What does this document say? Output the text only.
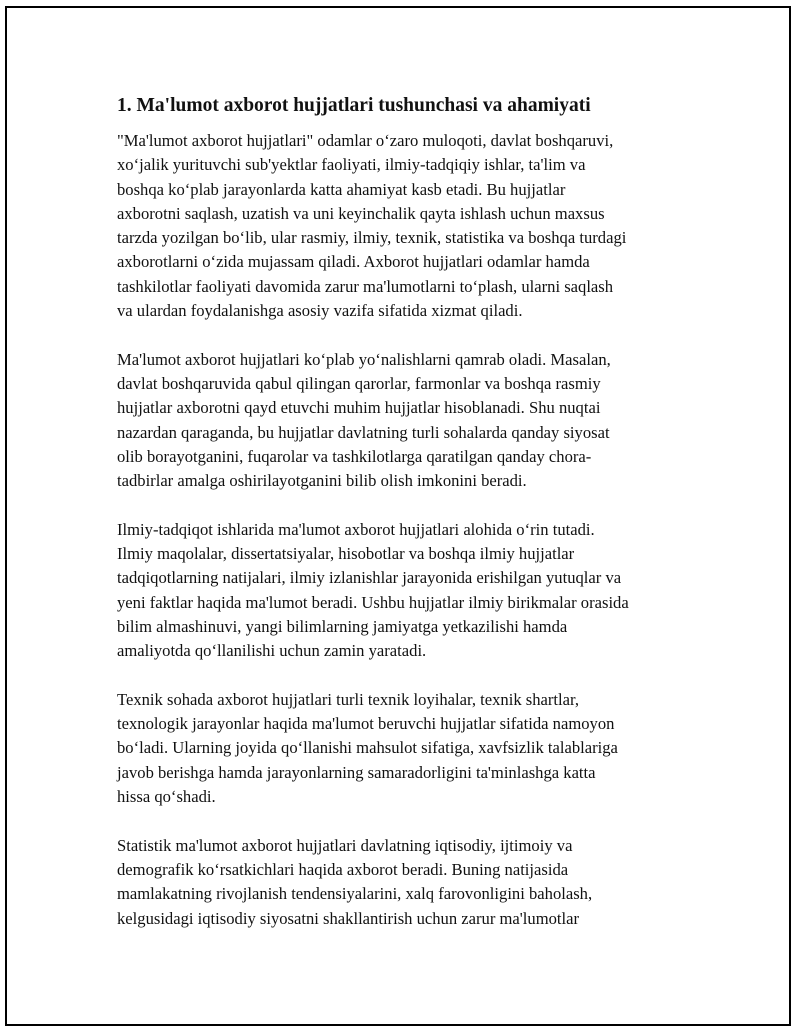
1. Ma'lumot axborot hujjatlari tushunchasi va ahamiyati
"Ma'lumot axborot hujjatlari" odamlar o‘zaro muloqoti, davlat boshqaruvi,
xo‘jalik yurituvchi sub'yektlar faoliyati, ilmiy-tadqiqiy ishlar, ta'lim va
boshqa ko‘plab jarayonlarda katta ahamiyat kasb etadi. Bu hujjatlar
axborotni saqlash, uzatish va uni keyinchalik qayta ishlash uchun maxsus
tarzda yozilgan bo‘lib, ular rasmiy, ilmiy, texnik, statistika va boshqa turdagi
axborotlarni o‘zida mujassam qiladi. Axborot hujjatlari odamlar hamda
tashkilotlar faoliyati davomida zarur ma'lumotlarni to‘plash, ularni saqlash
va ulardan foydalanishga asosiy vazifa sifatida xizmat qiladi.
Ma'lumot axborot hujjatlari ko‘plab yo‘nalishlarni qamrab oladi. Masalan,
davlat boshqaruvida qabul qilingan qarorlar, farmonlar va boshqa rasmiy
hujjatlar axborotni qayd etuvchi muhim hujjatlar hisoblanadi. Shu nuqtai
nazardan qaraganda, bu hujjatlar davlatning turli sohalarda qanday siyosat
olib borayotganini, fuqarolar va tashkilotlarga qaratilgan qanday chora-
tadbirlar amalga oshirilayotganini bilib olish imkonini beradi.
Ilmiy-tadqiqot ishlarida ma'lumot axborot hujjatlari alohida o‘rin tutadi.
Ilmiy maqolalar, dissertatsiyalar, hisobotlar va boshqa ilmiy hujjatlar
tadqiqotlarning natijalari, ilmiy izlanishlar jarayonida erishilgan yutuqlar va
yeni faktlar haqida ma'lumot beradi. Ushbu hujjatlar ilmiy birikmalar orasida
bilim almashinuvi, yangi bilimlarning jamiyatga yetkazilishi hamda
amaliyotda qo‘llanilishi uchun zamin yaratadi.
Texnik sohada axborot hujjatlari turli texnik loyihalar, texnik shartlar,
texnologik jarayonlar haqida ma'lumot beruvchi hujjatlar sifatida namoyon
bo‘ladi. Ularning joyida qo‘llanishi mahsulot sifatiga, xavfsizlik talablariga
javob berishga hamda jarayonlarning samaradorligini ta'minlashga katta
hissa qo‘shadi.
Statistik ma'lumot axborot hujjatlari davlatning iqtisodiy, ijtimoiy va
demografik ko‘rsatkichlari haqida axborot beradi. Buning natijasida
mamlakatning rivojlanish tendensiyalarini, xalq farovonligini baholash,
kelgusidagi iqtisodiy siyosatni shakllantirish uchun zarur ma'lumotlar
